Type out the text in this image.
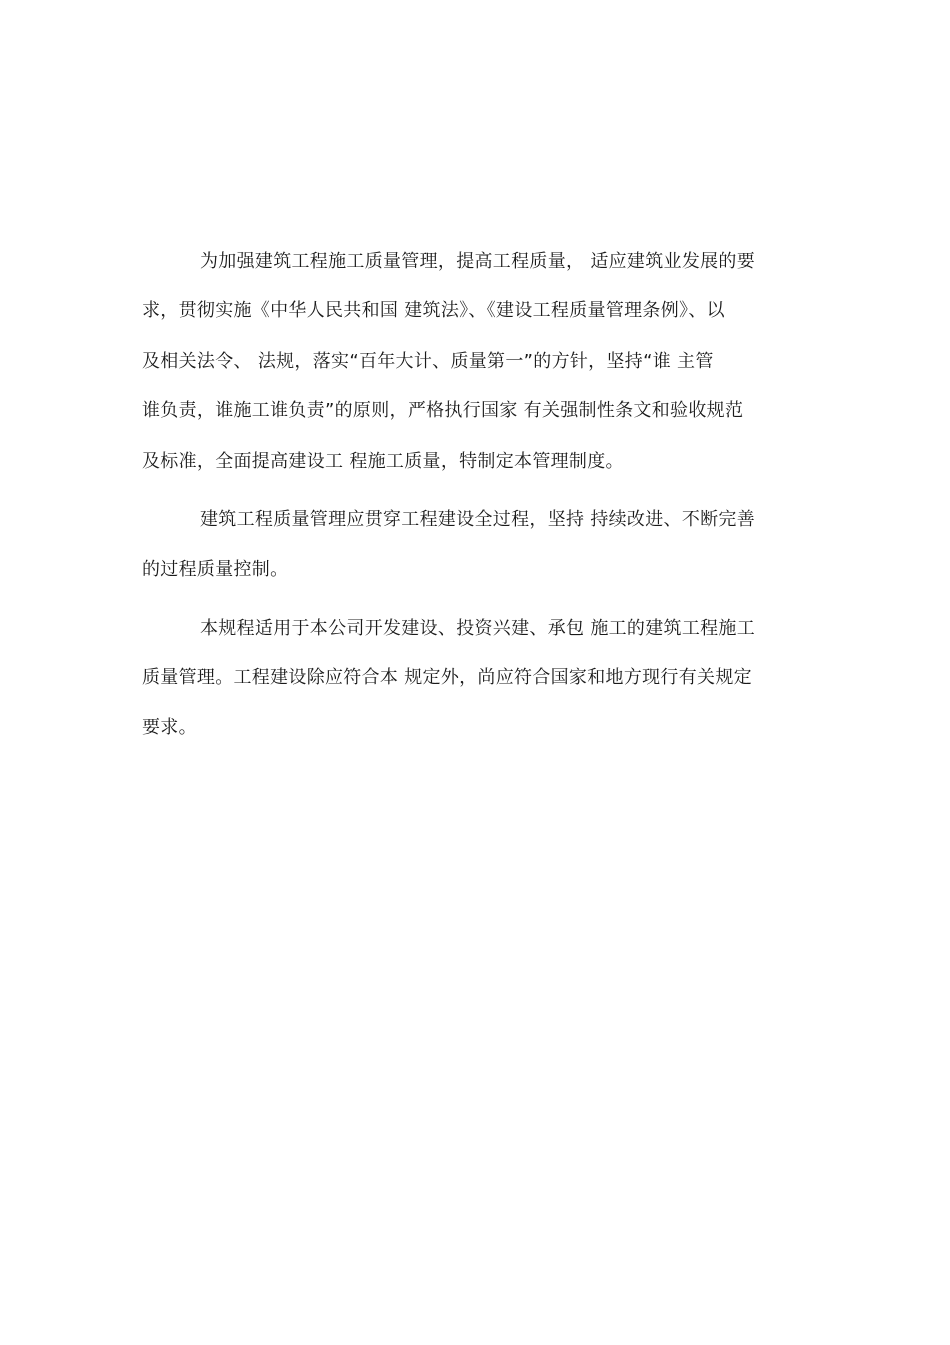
为加强建筑工程施工质量管理，提高工程质量， 适应建筑业发展的要
求，贯彻实施《中华人民共和国 建筑法》、《建设工程质量管理条例》、以
及相关法令、 法规，落实“百年大计、质量第一”的方针，坚持“谁 主管
谁负责，谁施工谁负责”的原则，严格执行国家 有关强制性条文和验收规范
及标准，全面提高建设工 程施工质量，特制定本管理制度。
建筑工程质量管理应贯穿工程建设全过程，坚持 持续改进、不断完善
的过程质量控制。
本规程适用于本公司开发建设、投资兴建、承包 施工的建筑工程施工
质量管理。工程建设除应符合本 规定外，尚应符合国家和地方现行有关规定
要求。
